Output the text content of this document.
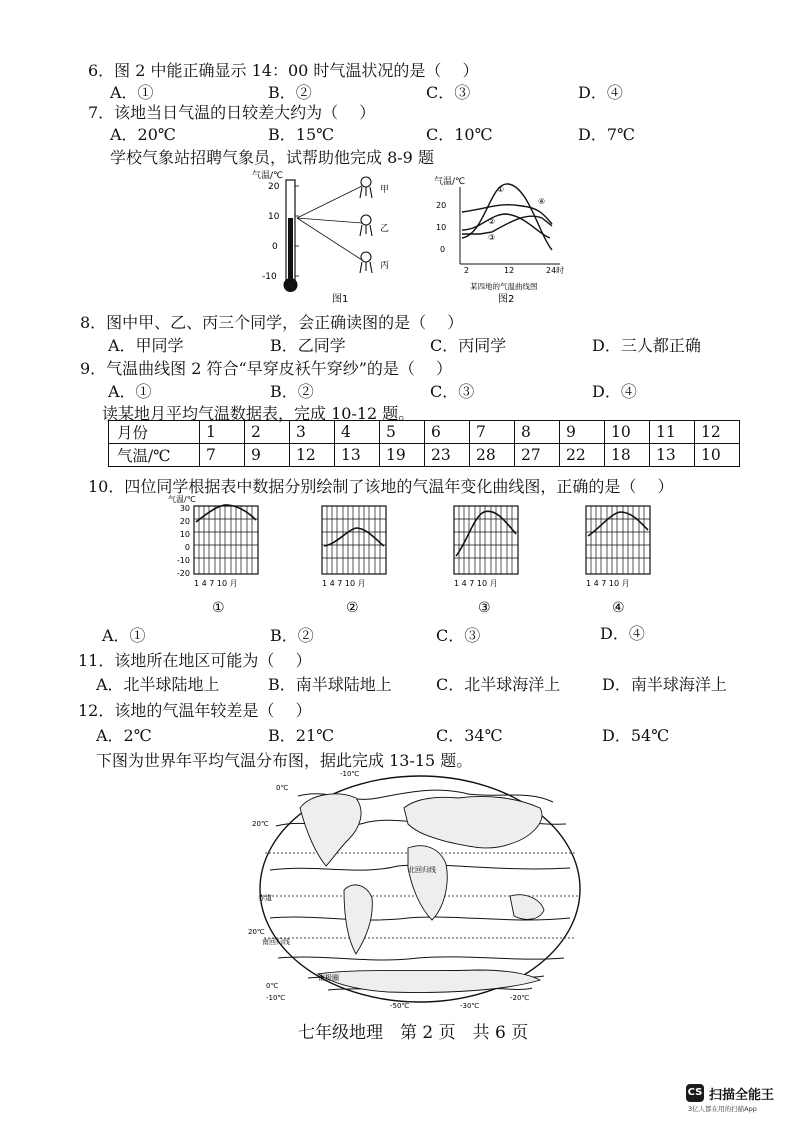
6．图 2 中能正确显示 14：00 时气温状况的是（　 ）
A．①	B．②	C．③	D．④
7．该地当日气温的日较差大约为（　 ）
A．20℃	B．15℃	C．10℃	D．7℃
学校气象站招聘气象员，试帮助他完成 8-9 题
气温/℃
20
10
0
-10
甲
乙
丙
图1
气温/℃
20
10
0
①
②
③
④
2	12	24时
某四地的气温曲线图
图2
8．图中甲、乙、丙三个同学，会正确读图的是（　 ）
A．甲同学	B．乙同学	C．丙同学	D．三人都正确
9．气温曲线图 2 符合“早穿皮袄午穿纱”的是（　 ）
A．①	B．②	C．③	D．④
读某地月平均气温数据表，完成 10-12 题。
月份	1	2	3	4	5	6	7	8	9	10	11	12
气温/℃	7	9	12	13	19	23	28	27	22	18	13	10
10．四位同学根据表中数据分别绘制了该地的气温年变化曲线图，正确的是（　 ）
气温/℃
30
20
10
0
-10
-20
1 4 7 10 月
①
1 4 7 10 月
②
1 4 7 10 月
③
1 4 7 10 月
④
A．①	B．②	C．③	D．④
11．该地所在地区可能为（　 ）
A．北半球陆地上	B．南半球陆地上	C．北半球海洋上	D．南半球海洋上
12．该地的气温年较差是（　 ）
A．2℃	B．21℃	C．34℃	D．54℃
下图为世界年平均气温分布图，据此完成 13-15 题。
-10℃
0℃
20℃
北回归线
赤道
20℃
南回归线
0℃
-10℃
南极圈
-50℃	-30℃
-20℃
七年级地理　第 2 页　共 6 页
CS 扫描全能王
3亿人都在用的扫描App
